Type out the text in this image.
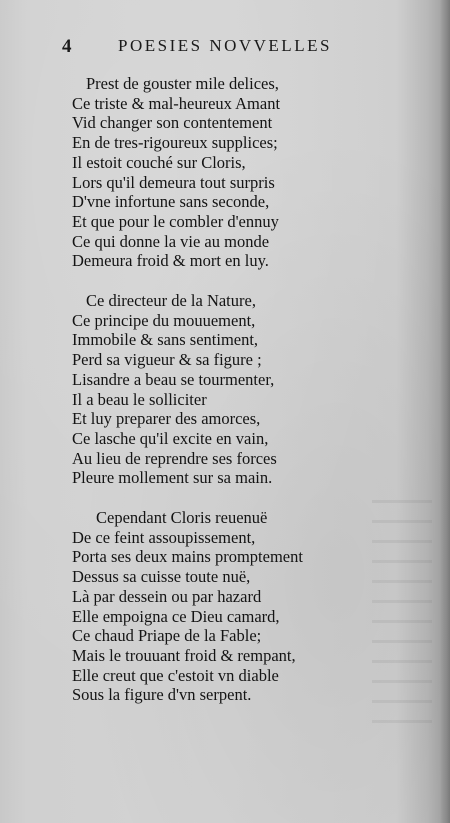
4	POESIES NOVVELLES
Prest de gouster mile delices,
Ce triste & mal-heureux Amant
Vid changer son contentement
En de tres-rigoureux supplices;
Il estoit couché sur Cloris,
Lors qu'il demeura tout surpris
D'vne infortune sans seconde,
Et que pour le combler d'ennuy
Ce qui donne la vie au monde
Demeura froid & mort en luy.
Ce directeur de la Nature,
Ce principe du mouuement,
Immobile & sans sentiment,
Perd sa vigueur & sa figure ;
Lisandre a beau se tourmenter,
Il a beau le solliciter
Et luy preparer des amorces,
Ce lasche qu'il excite en vain,
Au lieu de reprendre ses forces
Pleure mollement sur sa main.
Cependant Cloris reuenuë
De ce feint assoupissement,
Porta ses deux mains promptement
Dessus sa cuisse toute nuë,
Là par dessein ou par hazard
Elle empoigna ce Dieu camard,
Ce chaud Priape de la Fable;
Mais le trouuant froid & rempant,
Elle creut que c'estoit vn diable
Sous la figure d'vn serpent.
